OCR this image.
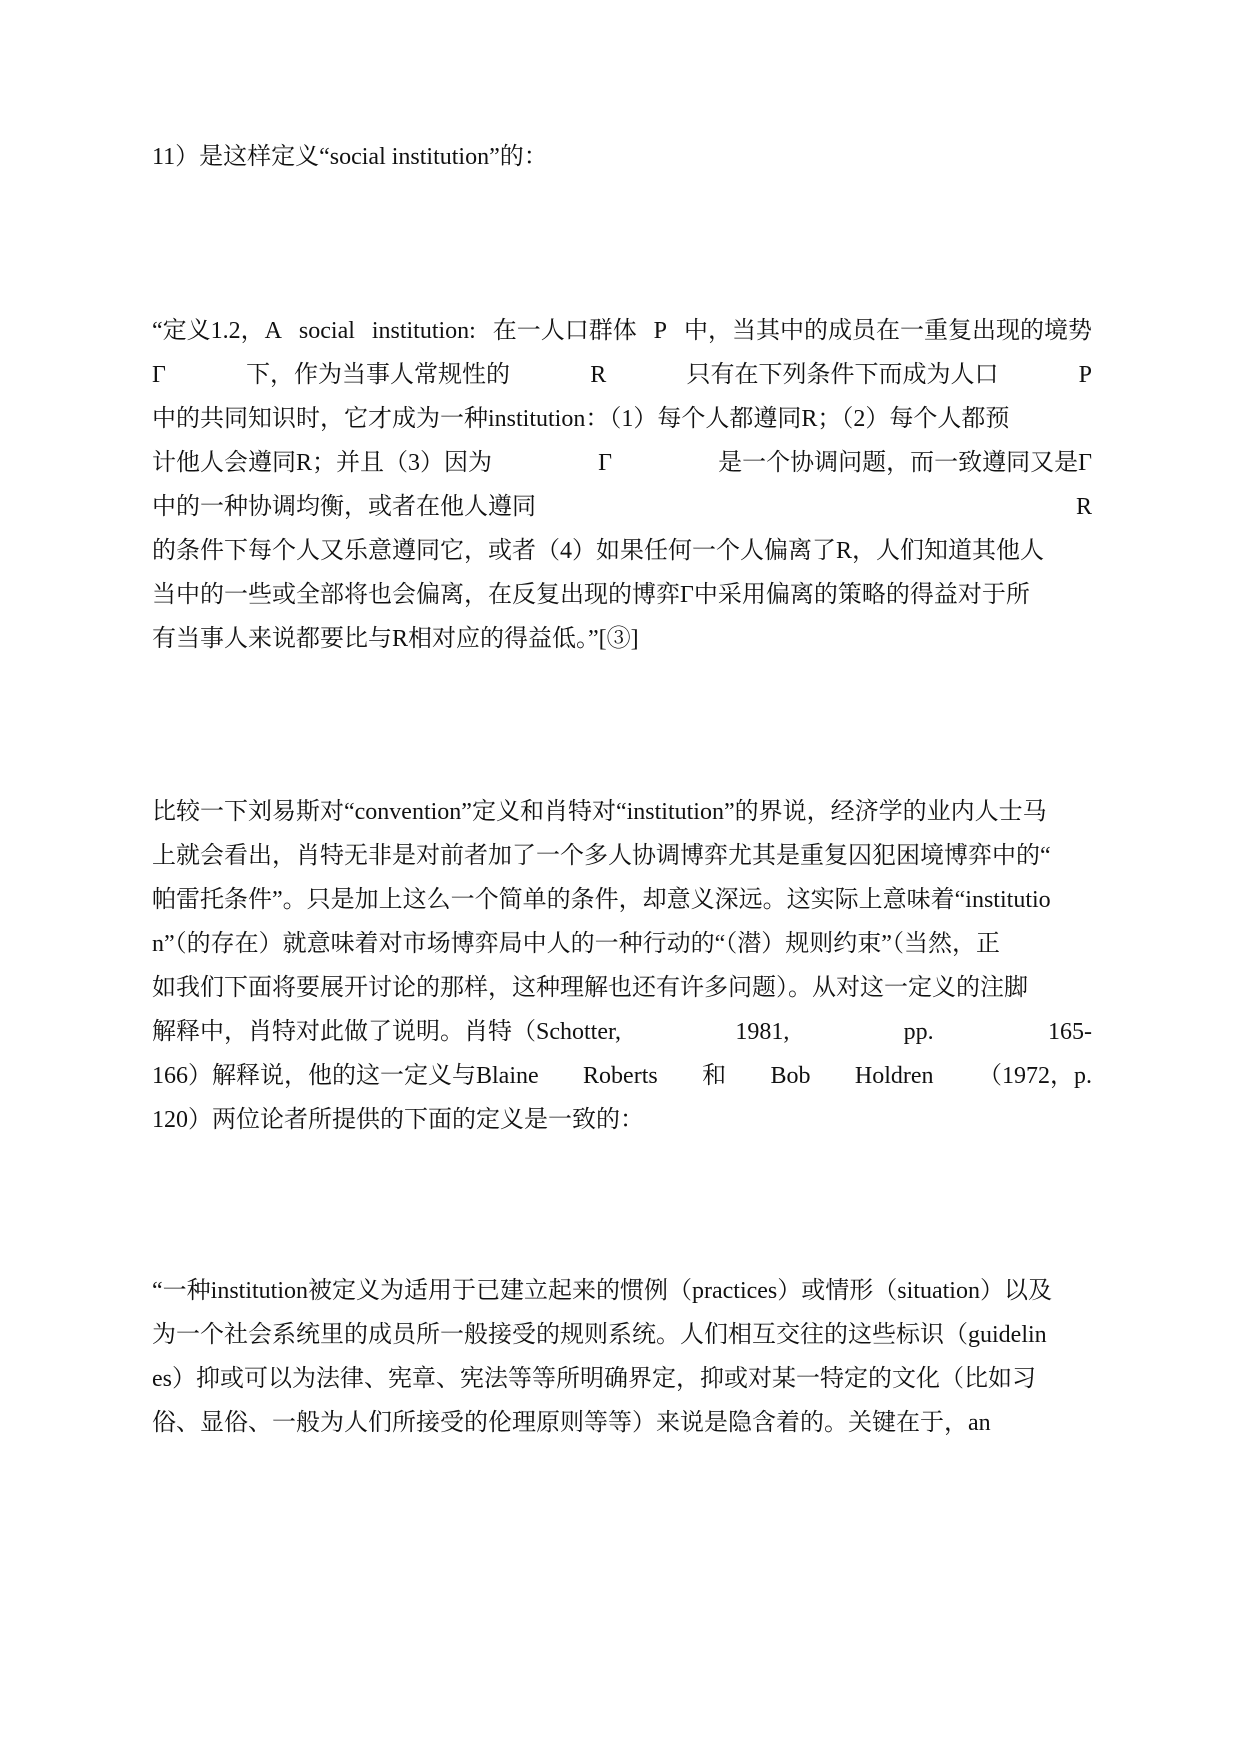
11）是这样定义“social institution”的：
“定义1.2，A social institution: 在一人口群体 P 中，当其中的成员在一重复出现的境势
Γ	下，作为当事人常规性的	R	只有在下列条件下而成为人口	P
中的共同知识时，它才成为一种institution：（1）每个人都遵同R；（2）每个人都预
计他人会遵同R；并且（3）因为	Γ	是一个协调问题，而一致遵同又是Γ
中的一种协调均衡，或者在他人遵同	R
的条件下每个人又乐意遵同它，或者（4）如果任何一个人偏离了R，人们知道其他人
当中的一些或全部将也会偏离，在反复出现的博弈Γ中采用偏离的策略的得益对于所
有当事人来说都要比与R相对应的得益低。”[③]
比较一下刘易斯对“convention”定义和肖特对“institution”的界说，经济学的业内人士马
上就会看出，肖特无非是对前者加了一个多人协调博弈尤其是重复囚犯困境博弈中的“
帕雷托条件”。只是加上这么一个简单的条件，却意义深远。这实际上意味着“institutio
n”（的存在）就意味着对市场博弈局中人的一种行动的“（潜）规则约束”（当然，正
如我们下面将要展开讨论的那样，这种理解也还有许多问题）。从对这一定义的注脚
解释中，肖特对此做了说明。肖特（Schotter,	1981,	pp.	165-
166）解释说，他的这一定义与Blaine Roberts 和 Bob Holdren （1972，p.
120）两位论者所提供的下面的定义是一致的：
“一种institution被定义为适用于已建立起来的惯例（practices）或情形（situation）以及
为一个社会系统里的成员所一般接受的规则系统。人们相互交往的这些标识（guidelin
es）抑或可以为法律、宪章、宪法等等所明确界定，抑或对某一特定的文化（比如习
俗、显俗、一般为人们所接受的伦理原则等等）来说是隐含着的。关键在于，an
